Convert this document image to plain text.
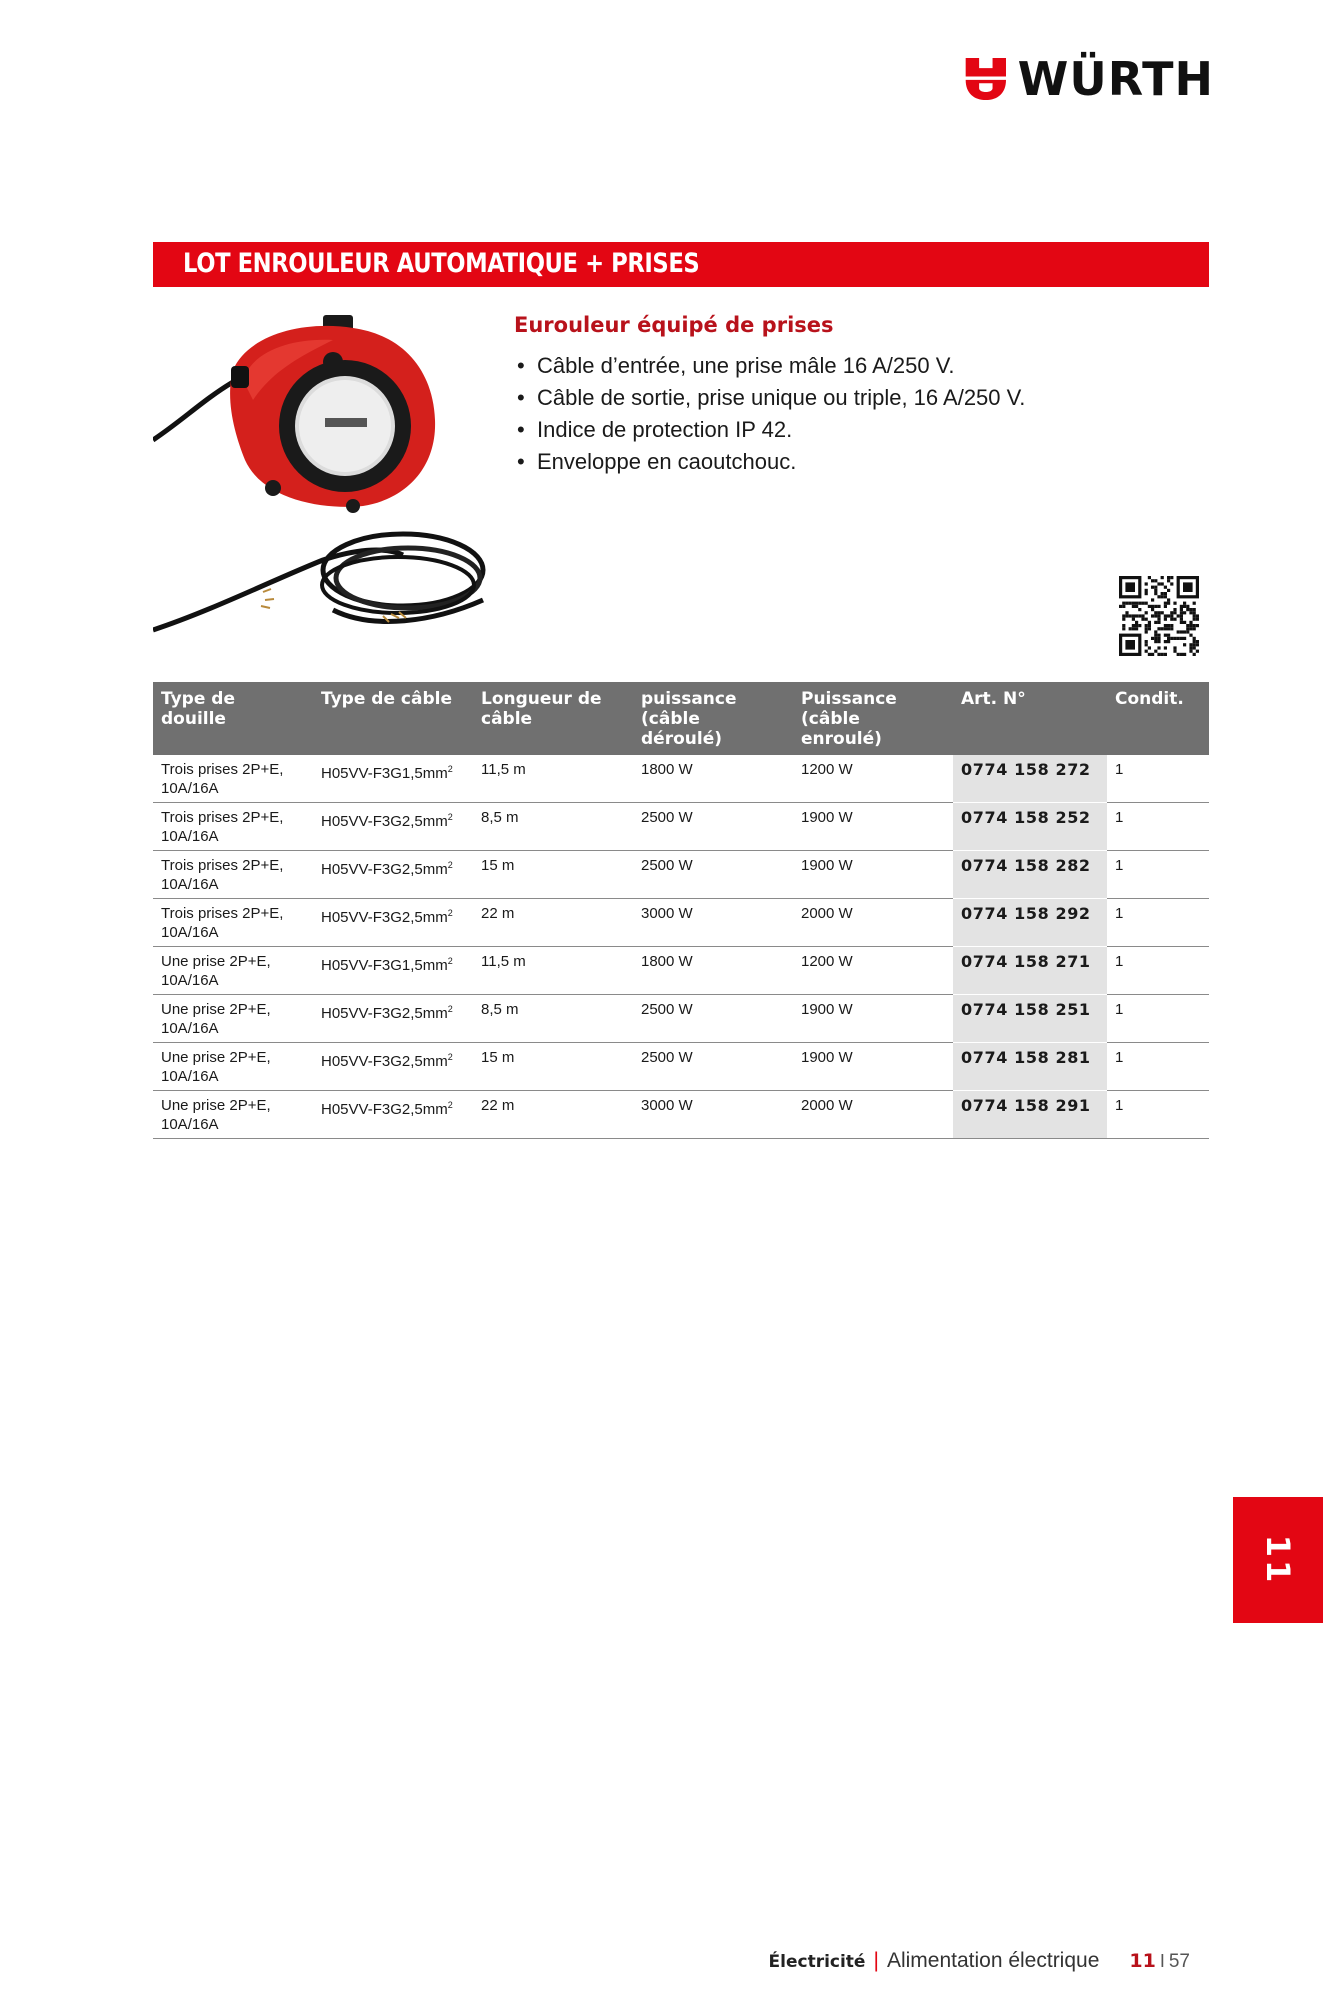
WÜRTH
LOT ENROULEUR AUTOMATIQUE + PRISES
Eurouleur équipé de prises
• Câble d’entrée, une prise mâle 16 A/250 V.
• Câble de sortie, prise unique ou triple, 16 A/250 V.
• Indice de protection IP 42.
• Enveloppe en caoutchouc.
Type de douille	Type de câble	Longueur de câble	puissance (câble déroulé)	Puissance (câble enroulé)	Art. N°	Condit.
Trois prises 2P+E, 10A/16A	$H05VV-F3G1,5mm^2$	11,5 m	1800 W	1200 W	0774 158 272	1
Trois prises 2P+E, 10A/16A	$H05VV-F3G2,5mm^2$	8,5 m	2500 W	1900 W	0774 158 252	1
Trois prises 2P+E, 10A/16A	$H05VV-F3G2,5mm^2$	15 m	2500 W	1900 W	0774 158 282	1
Trois prises 2P+E, 10A/16A	$H05VV-F3G2,5mm^2$	22 m	3000 W	2000 W	0774 158 292	1
Une prise 2P+E, 10A/16A	$H05VV-F3G1,5mm^2$	11,5 m	1800 W	1200 W	0774 158 271	1
Une prise 2P+E, 10A/16A	$H05VV-F3G2,5mm^2$	8,5 m	2500 W	1900 W	0774 158 251	1
Une prise 2P+E, 10A/16A	$H05VV-F3G2,5mm^2$	15 m	2500 W	1900 W	0774 158 281	1
Une prise 2P+E, 10A/16A	$H05VV-F3G2,5mm^2$	22 m	3000 W	2000 W	0774 158 291	1
11
Électricité | Alimentation électrique 11 I 57
